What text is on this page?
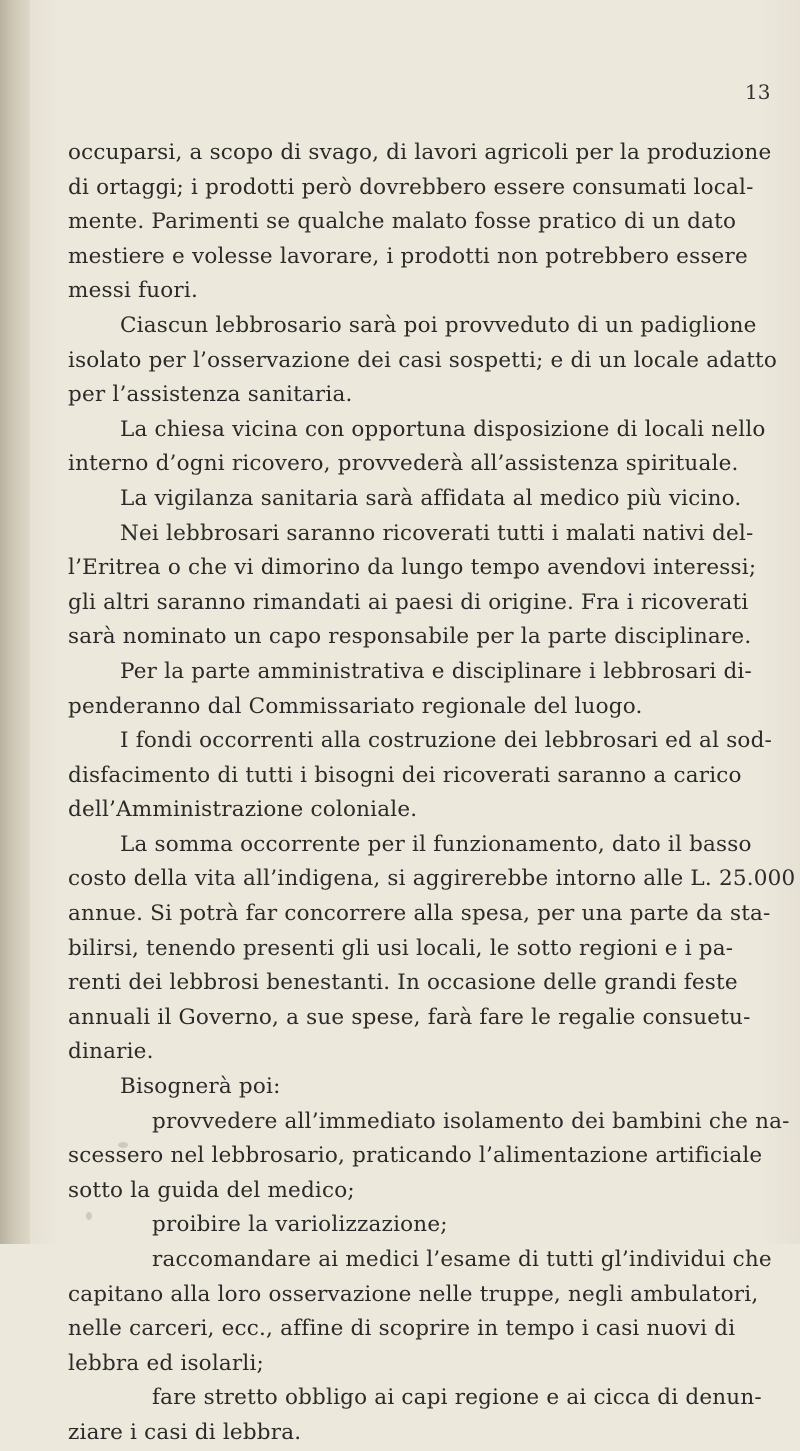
13
occuparsi, a scopo di svago, di lavori agricoli per la produzione
di ortaggi; i prodotti però dovrebbero essere consumati local-
mente. Parimenti se qualche malato fosse pratico di un dato
mestiere e volesse lavorare, i prodotti non potrebbero essere
messi fuori.
Ciascun lebbrosario sarà poi provveduto di un padiglione
isolato per l’osservazione dei casi sospetti; e di un locale adatto
per l’assistenza sanitaria.
La chiesa vicina con opportuna disposizione di locali nello
interno d’ogni ricovero, provvederà all’assistenza spirituale.
La vigilanza sanitaria sarà affidata al medico più vicino.
Nei lebbrosari saranno ricoverati tutti i malati nativi del-
l’Eritrea o che vi dimorino da lungo tempo avendovi interessi;
gli altri saranno rimandati ai paesi di origine. Fra i ricoverati
sarà nominato un capo responsabile per la parte disciplinare.
Per la parte amministrativa e disciplinare i lebbrosari di-
penderanno dal Commissariato regionale del luogo.
I fondi occorrenti alla costruzione dei lebbrosari ed al sod-
disfacimento di tutti i bisogni dei ricoverati saranno a carico
dell’Amministrazione coloniale.
La somma occorrente per il funzionamento, dato il basso
costo della vita all’indigena, si aggirerebbe intorno alle L. 25.000
annue. Si potrà far concorrere alla spesa, per una parte da sta-
bilirsi, tenendo presenti gli usi locali, le sotto regioni e i pa-
renti dei lebbrosi benestanti. In occasione delle grandi feste
annuali il Governo, a sue spese, farà fare le regalie consuetu-
dinarie.
Bisognerà poi:
provvedere all’immediato isolamento dei bambini che na-
scessero nel lebbrosario, praticando l’alimentazione artificiale
sotto la guida del medico;
proibire la variolizzazione;
raccomandare ai medici l’esame di tutti gl’individui che
capitano alla loro osservazione nelle truppe, negli ambulatori,
nelle carceri, ecc., affine di scoprire in tempo i casi nuovi di
lebbra ed isolarli;
fare stretto obbligo ai capi regione e ai cicca di denun-
ziare i casi di lebbra.
